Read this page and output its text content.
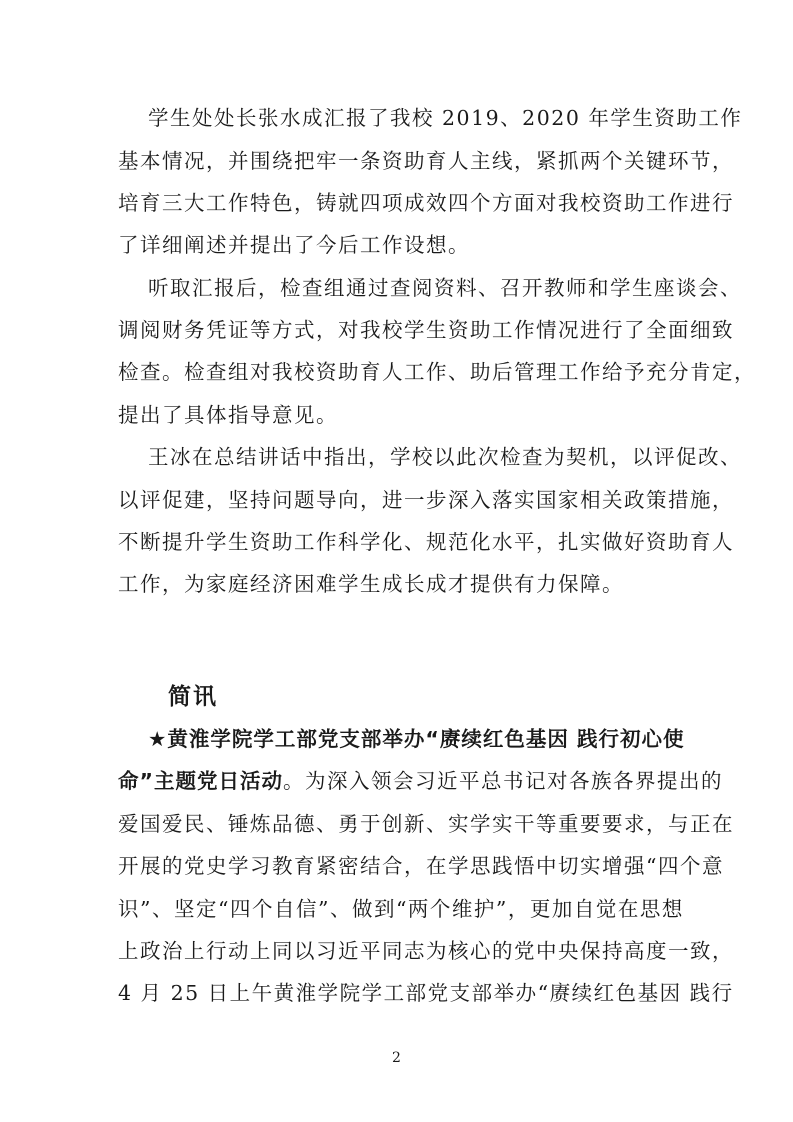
学生处处长张水成汇报了我校 2019、2020 年学生资助工作
基本情况，并围绕把牢一条资助育人主线，紧抓两个关键环节，
培育三大工作特色，铸就四项成效四个方面对我校资助工作进行
了详细阐述并提出了今后工作设想。
听取汇报后，检查组通过查阅资料、召开教师和学生座谈会、
调阅财务凭证等方式，对我校学生资助工作情况进行了全面细致
检查。检查组对我校资助育人工作、助后管理工作给予充分肯定，
提出了具体指导意见。
王冰在总结讲话中指出，学校以此次检查为契机，以评促改、
以评促建，坚持问题导向，进一步深入落实国家相关政策措施，
不断提升学生资助工作科学化、规范化水平，扎实做好资助育人
工作，为家庭经济困难学生成长成才提供有力保障。
简讯
★黄淮学院学工部党支部举办“赓续红色基因 践行初心使
命”主题党日活动。为深入领会习近平总书记对各族各界提出的
爱国爱民、锤炼品德、勇于创新、实学实干等重要要求，与正在
开展的党史学习教育紧密结合，在学思践悟中切实增强“四个意
识”、坚定“四个自信”、做到“两个维护”，更加自觉在思想
上政治上行动上同以习近平同志为核心的党中央保持高度一致，
4 月 25 日上午黄淮学院学工部党支部举办“赓续红色基因 践行
2
